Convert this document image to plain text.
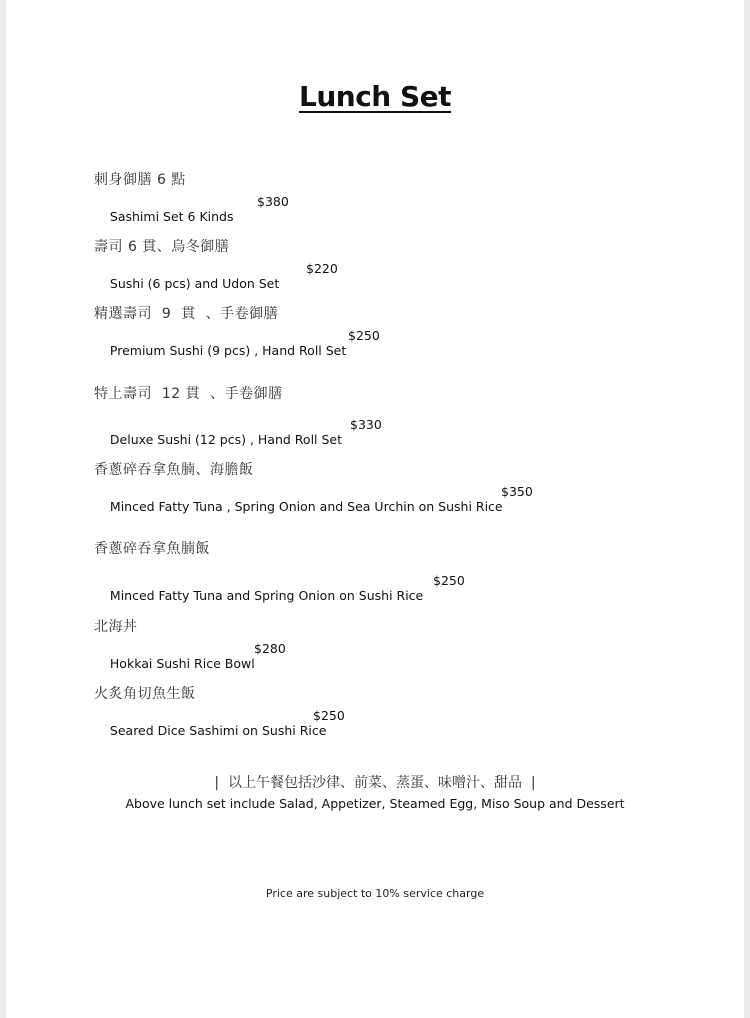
Lunch Set
刺身御膳 6 點

Sashimi Set 6 Kinds

$380

壽司 6 貫、烏冬御膳

Sushi (6 pcs) and Udon Set

$220

精選壽司  9  貫  、手卷御膳

Premium Sushi (9 pcs) , Hand Roll Set

$250

特上壽司  12 貫  、手卷御膳

Deluxe Sushi (12 pcs) , Hand Roll Set

$330

香蔥碎吞拿魚腩、海膽飯

Minced Fatty Tuna , Spring Onion and Sea Urchin on Sushi Rice

$350

香蔥碎吞拿魚腩飯

Minced Fatty Tuna and Spring Onion on Sushi Rice

$250

北海丼

Hokkai Sushi Rice Bowl

$280

火炙角切魚生飯

Seared Dice Sashimi on Sushi Rice

$250

|  以上午餐包括沙律、前菜、蒸蛋、味噌汁、甜品  |
Above lunch set include Salad, Appetizer, Steamed Egg, Miso Soup and Dessert
Price are subject to 10% service charge
